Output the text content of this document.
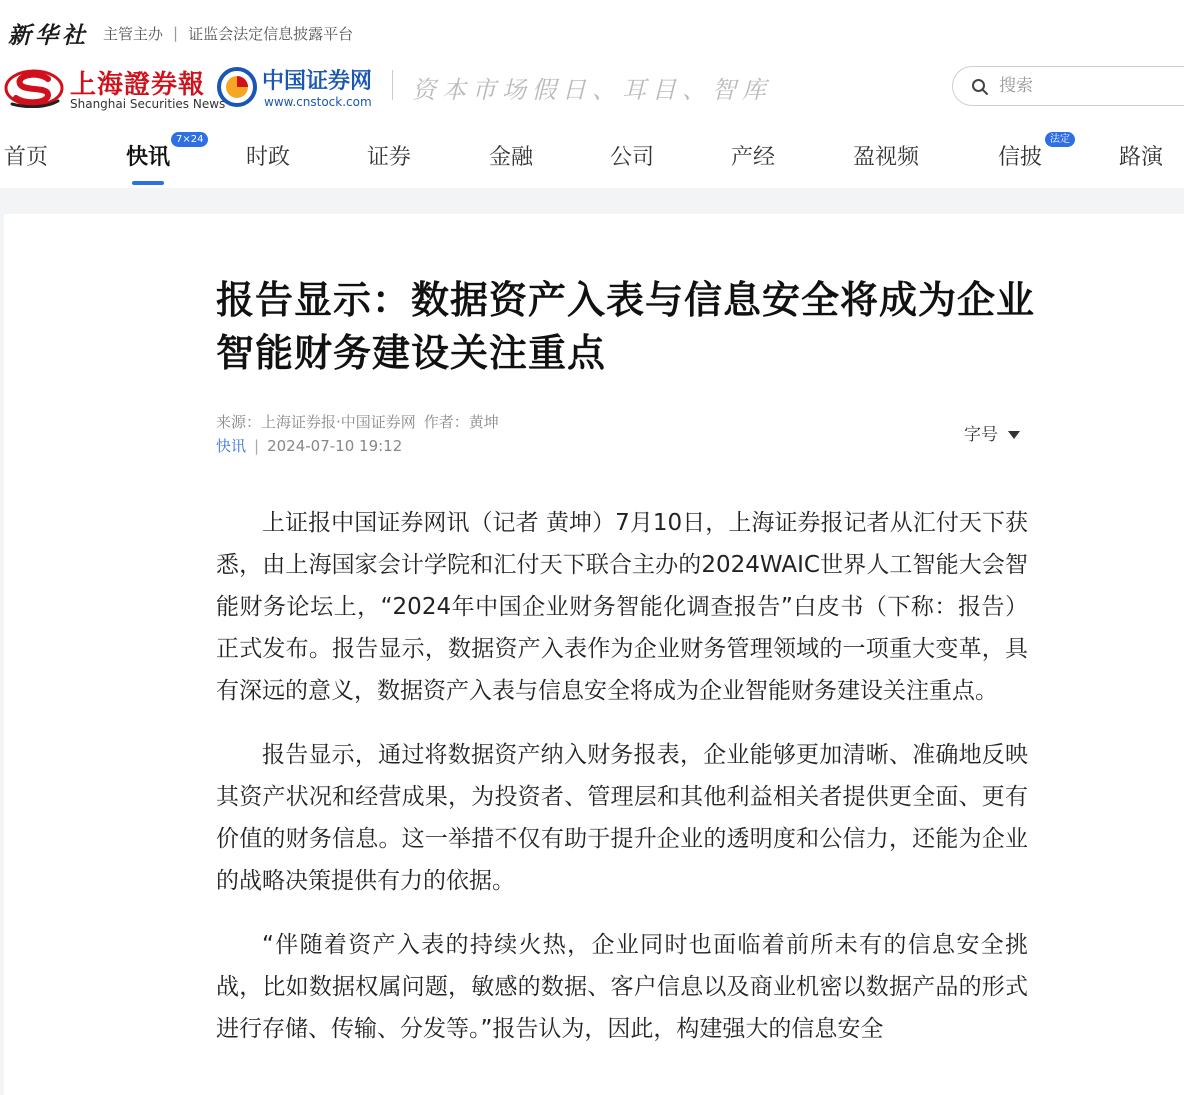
新华社 主管主办 | 证监会法定信息披露平台
上海證券報
Shanghai Securities News
中国证券网
www.cnstock.com 资本市场假日、耳目、智库
搜索
首页	快讯
7×24
时政	证券	金融	公司	产经	盈视频	信披
法定
路演
报告显示：数据资产入表与信息安全将成为企业智能财务建设关注重点
来源：上海证券报·中国证券网 作者：黄坤
快讯 | 2024-07-10 19:12
字号

上证报中国证券网讯（记者 黄坤）7月10日，上海证券报记者从汇付天下获悉，由上海国家会计学院和汇付天下联合主办的2024WAIC世界人工智能大会智能财务论坛上，“2024年中国企业财务智能化调查报告”白皮书（下称：报告）正式发布。报告显示，数据资产入表作为企业财务管理领域的一项重大变革，具有深远的意义，数据资产入表与信息安全将成为企业智能财务建设关注重点。

报告显示，通过将数据资产纳入财务报表，企业能够更加清晰、准确地反映其资产状况和经营成果，为投资者、管理层和其他利益相关者提供更全面、更有价值的财务信息。这一举措不仅有助于提升企业的透明度和公信力，还能为企业的战略决策提供有力的依据。

“伴随着资产入表的持续火热，企业同时也面临着前所未有的信息安全挑战，比如数据权属问题，敏感的数据、客户信息以及商业机密以数据产品的形式进行存储、传输、分发等。”报告认为，因此，构建强大的信息安全
